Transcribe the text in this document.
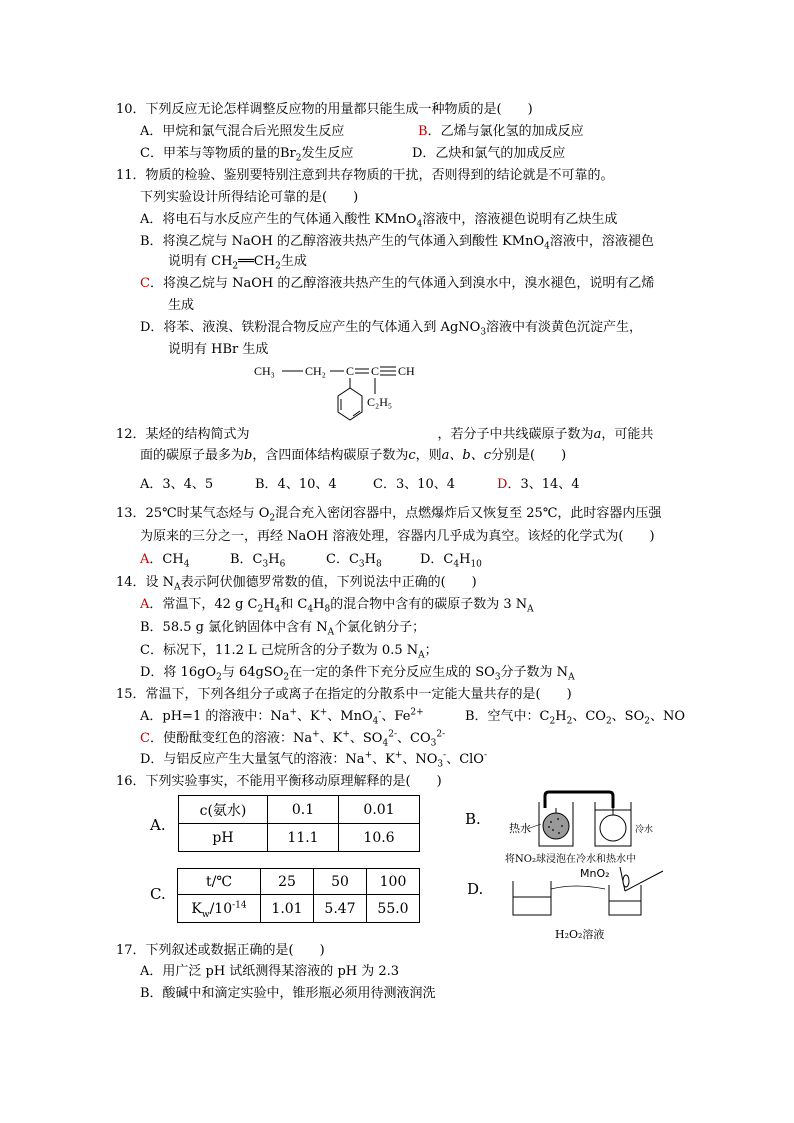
10．下列反应无论怎样调整反应物的用量都只能生成一种物质的是(　　)
A．甲烷和氯气混合后光照发生反应	B．乙烯与氯化氢的加成反应
C．甲苯与等物质的量的$Br_2$发生反应	D．乙炔和氯气的加成反应
11．物质的检验、鉴别要特别注意到共存物质的干扰，否则得到的结论就是不可靠的。
下列实验设计所得结论可靠的是(　　)
A．将电石与水反应产生的气体通入酸性 KMnO$_4$溶液中，溶液褪色说明有乙炔生成
B．将溴乙烷与 NaOH 的乙醇溶液共热产生的气体通入到酸性 KMnO$_4$溶液中，溶液褪色
说明有 $CH_2══CH_2$生成
C．将溴乙烷与 NaOH 的乙醇溶液共热产生的气体通入到溴水中，溴水褪色，说明有乙烯
生成
D．将苯、液溴、铁粉混合物反应产生的气体通入到 AgNO$_3$溶液中有淡黄色沉淀产生，
说明有 HBr 生成
CH₃	CH₂ C C CH
C₂H₅
12．某烃的结构简式为	，若分子中共线碳原子数为a，可能共
面的碳原子最多为b，含四面体结构碳原子数为c，则a、b、c分别是(　　)
A．3、4、5	B．4、10、4	C．3、10、4	D．3、14、4
13．25℃时某气态烃与 $O_2$混合充入密闭容器中，点燃爆炸后又恢复至 25℃，此时容器内压强
为原来的三分之一，再经 NaOH 溶液处理，容器内几乎成为真空。该烃的化学式为(　　)
A．$CH_4$	B．$C_3H_6$	C．$C_3H_8$	D．$C_4H_{10}$
14．设 $N_A$表示阿伏伽德罗常数的值，下列说法中正确的(　　)
A．常温下，42 g $C_2H_4$和 $C_4H_8$的混合物中含有的碳原子数为 3 $N_A$
B．58.5 g 氯化钠固体中含有 $N_A$个氯化钠分子；
C．标况下，11.2 L 己烷所含的分子数为 0.5 $N_A$；
D．将 $16gO_2$与 64gSO$_2$在一定的条件下充分反应生成的 $SO_3$分子数为 $N_A$
15．常温下，下列各组分子或离子在指定的分散系中一定能大量共存的是(　　)
A．pH=1 的溶液中：Na+、K+、MnO$_4$-、$Fe^{2+}$	B．空气中：$C_2H_2$、$CO_2$、$SO_2$、NO
C．使酚酞变红色的溶液：Na+、K+、$SO_4^{2-}$、$CO_3^{2-}$
D．与铝反应产生大量氢气的溶液：Na+、K+、$NO_3^-$、ClO-
16．下列实验事实，不能用平衡移动原理解释的是(　　)
A.
c(氨水)	0.1	0.01
pH	11.1	10.6
B.
热水	冷水
将NO₂球浸泡在冷水和热水中
C.
t/℃	25	50	100
$K_w/10^{-14}$	1.01	5.47	55.0
D.
MnO₂
H₂O₂溶液
17．下列叙述或数据正确的是(　　)
A．用广泛 pH 试纸测得某溶液的 pH 为 2.3
B．酸碱中和滴定实验中，锥形瓶必须用待测液润洗
